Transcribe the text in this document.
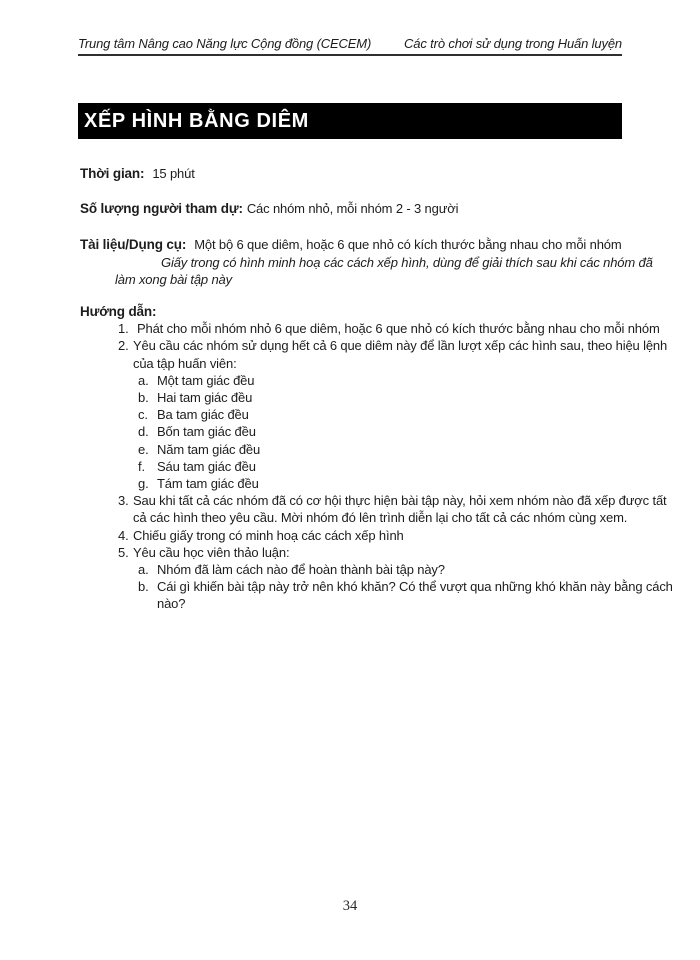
Trung tâm Nâng cao Năng lực Cộng đồng (CECEM)	Các trò chơi sử dụng trong Huấn luyện
XẾP HÌNH BẰNG DIÊM
Thời gian: 15 phút
Số lượng người tham dự: Các nhóm nhỏ, mỗi nhóm 2 - 3 người
Tài liệu/Dụng cụ: Một bộ 6 que diêm, hoặc 6 que nhỏ có kích thước bằng nhau cho mỗi nhóm
Giấy trong có hình minh hoạ các cách xếp hình, dùng để giải thích sau khi các nhóm đã
làm xong bài tập này
Hướng dẫn:
1. Phát cho mỗi nhóm nhỏ 6 que diêm, hoặc 6 que nhỏ có kích thước bằng nhau cho mỗi nhóm
2. Yêu cầu các nhóm sử dụng hết cả 6 que diêm này để lần lượt xếp các hình sau, theo hiệu lệnh
của tập huấn viên:
a. Một tam giác đều
b. Hai tam giác đều
c. Ba tam giác đều
d. Bốn tam giác đều
e. Năm tam giác đều
f. Sáu tam giác đều
g. Tám tam giác đều
3. Sau khi tất cả các nhóm đã có cơ hội thực hiện bài tập này, hỏi xem nhóm nào đã xếp được tất
cả các hình theo yêu cầu. Mời nhóm đó lên trình diễn lại cho tất cả các nhóm cùng xem.
4. Chiếu giấy trong có minh hoạ các cách xếp hình
5. Yêu cầu học viên thảo luận:
a. Nhóm đã làm cách nào để hoàn thành bài tập này?
b. Cái gì khiến bài tập này trở nên khó khăn? Có thể vượt qua những khó khăn này bằng cách
nào?
34
